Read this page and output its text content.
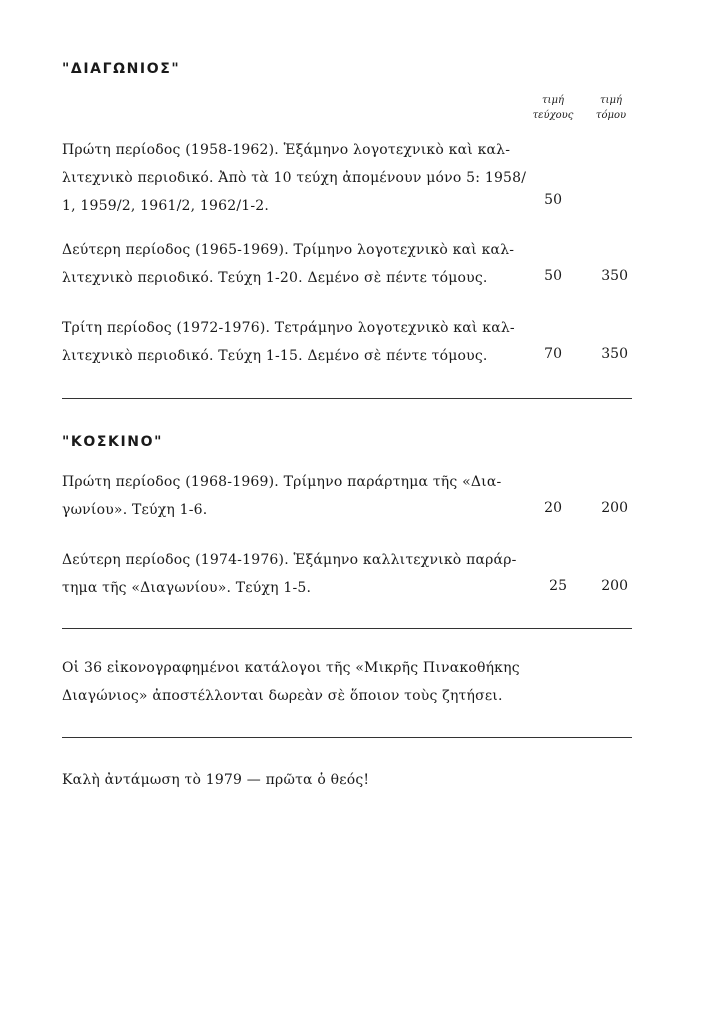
"ΔΙΑΓΩΝΙΟΣ"
τιμή
τεύχους
τιμή
τόμου
Πρώτη περίοδος (1958-1962). Ἑξάμηνο λογοτεχνικὸ καὶ καλ-
λιτεχνικὸ περιοδικό. Ἀπὸ τὰ 10 τεύχη ἀπομένουν μόνο 5: 1958/
1, 1959/2, 1961/2, 1962/1-2.	50
Δεύτερη περίοδος (1965-1969). Τρίμηνο λογοτεχνικὸ καὶ καλ-
λιτεχνικὸ περιοδικό. Τεύχη 1-20. Δεμένο σὲ πέντε τόμους.	50	350
Τρίτη περίοδος (1972-1976). Τετράμηνο λογοτεχνικὸ καὶ καλ-
λιτεχνικὸ περιοδικό. Τεύχη 1-15. Δεμένο σὲ πέντε τόμους.	70	350
"ΚΟΣΚΙΝΟ"
Πρώτη περίοδος (1968-1969). Τρίμηνο παράρτημα τῆς «Δια-
γωνίου». Τεύχη 1-6.	20	200
Δεύτερη περίοδος (1974-1976). Ἑξάμηνο καλλιτεχνικὸ παράρ-
τημα τῆς «Διαγωνίου». Τεύχη 1-5.	25	200
Οἱ 36 εἰκονογραφημένοι κατάλογοι τῆς «Μικρῆς Πινακοθήκης
Διαγώνιος» ἀποστέλλονται δωρεὰν σὲ ὅποιον τοὺς ζητήσει.
Καλὴ ἀντάμωση τὸ 1979 — πρῶτα ὁ θεός!
